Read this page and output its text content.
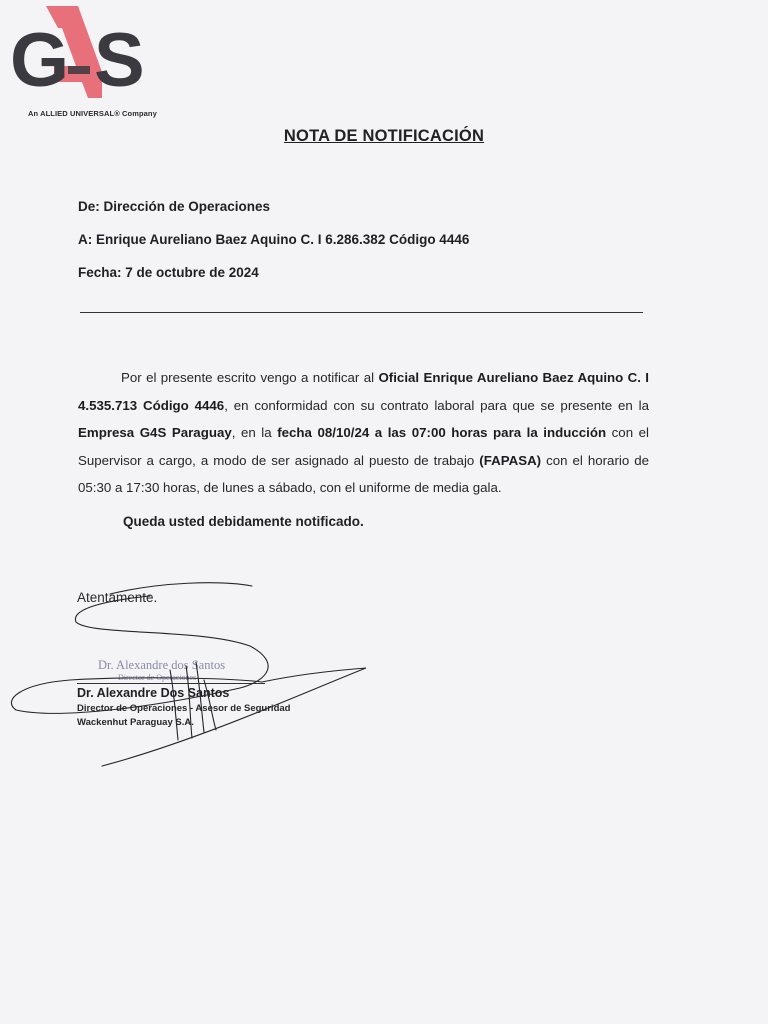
G S
An ALLIED UNIVERSAL® Company
NOTA DE NOTIFICACIÓN
De: Dirección de Operaciones
A: Enrique Aureliano Baez Aquino C. I 6.286.382 Código 4446
Fecha: 7 de octubre de 2024
Por el presente escrito vengo a notificar al Oficial Enrique Aureliano Baez Aquino C. I 4.535.713 Código 4446, en conformidad con su contrato laboral para que se presente en la Empresa G4S Paraguay, en la fecha 08/10/24 a las 07:00 horas para la inducción con el Supervisor a cargo, a modo de ser asignado al puesto de trabajo (FAPASA) con el horario de 05:30 a 17:30 horas, de lunes a sábado, con el uniforme de media gala.
Queda usted debidamente notificado.
Atentamente.
Dr. Alexandre dos Santos
Director de Operaciones
Dr. Alexandre Dos Santos
Director de Operaciones - Asesor de Seguridad
Wackenhut Paraguay S.A.
